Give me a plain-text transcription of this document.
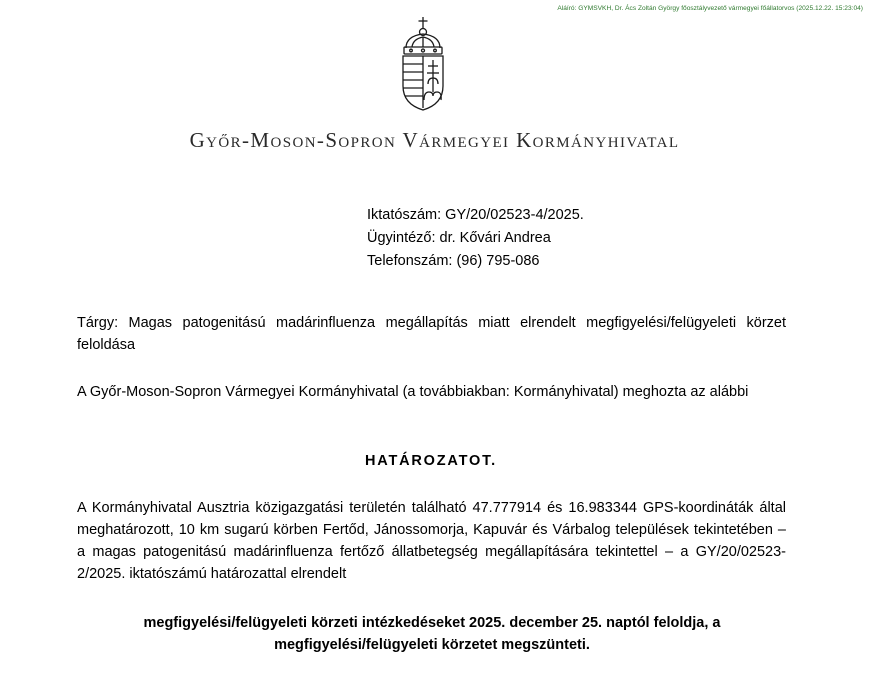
Aláíró: GYMSVKH, Dr. Ács Zoltán György főosztályvezető vármegyei főállatorvos (2025.12.22. 15:23:04)
Győr-Moson-Sopron Vármegyei Kormányhivatal
Iktatószám: GY/20/02523-4/2025.
Ügyintéző: dr. Kővári Andrea
Telefonszám: (96) 795-086
Tárgy: Magas patogenitású madárinfluenza megállapítás miatt elrendelt megfigyelési/felügyeleti körzet feloldása
A Győr-Moson-Sopron Vármegyei Kormányhivatal (a továbbiakban: Kormányhivatal) meghozta az alábbi
HATÁROZATOT.
A Kormányhivatal Ausztria közigazgatási területén található 47.777914 és 16.983344 GPS-koordináták által meghatározott, 10 km sugarú körben Fertőd, Jánossomorja, Kapuvár és Várbalog települések tekintetében – a magas patogenitású madárinfluenza fertőző állatbetegség megállapítására tekintettel – a GY/20/02523-2/2025. iktatószámú határozattal elrendelt
megfigyelési/felügyeleti körzeti intézkedéseket 2025. december 25. naptól feloldja, a megfigyelési/felügyeleti körzetet megszünteti.
